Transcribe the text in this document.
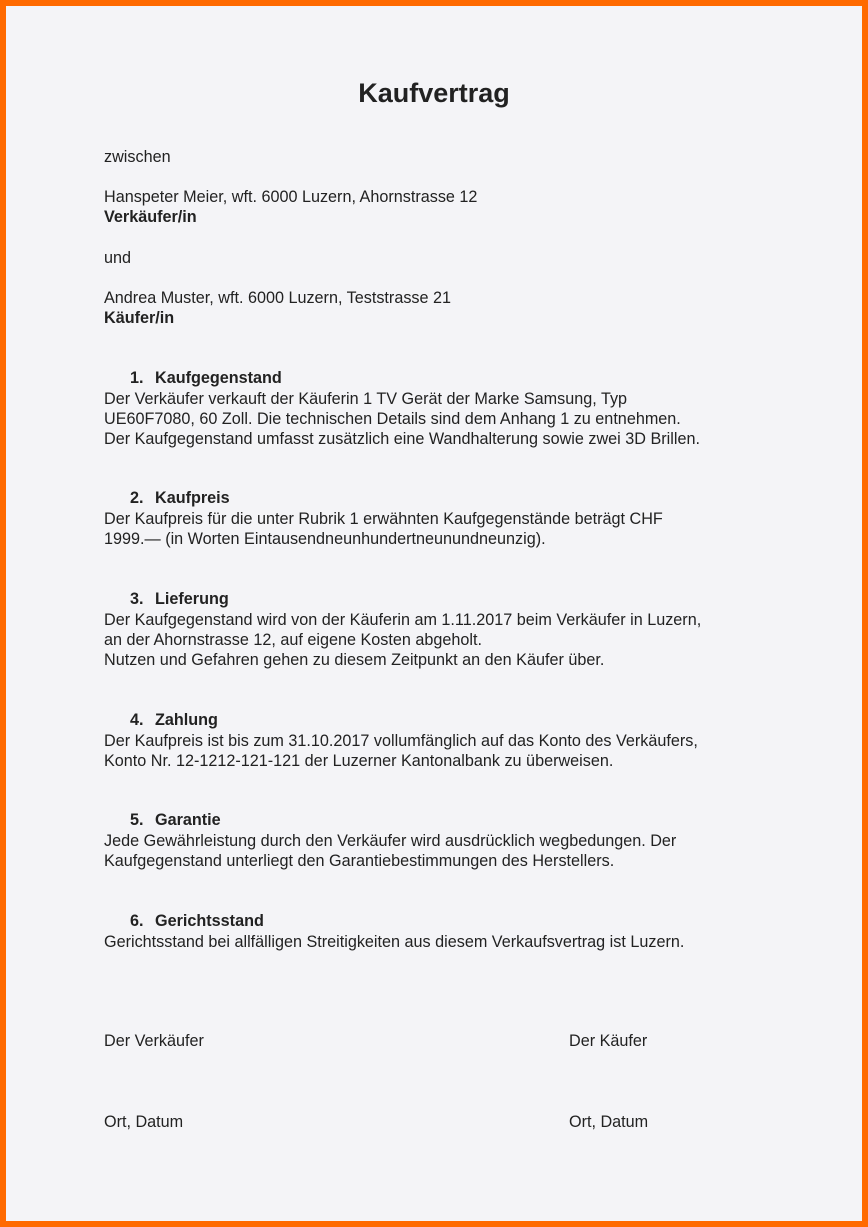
Kaufvertrag
zwischen
Hanspeter Meier, wft. 6000 Luzern, Ahornstrasse 12
Verkäufer/in
und
Andrea Muster, wft. 6000 Luzern, Teststrasse 21
Käufer/in
1. Kaufgegenstand
Der Verkäufer verkauft der Käuferin 1 TV Gerät der Marke Samsung, Typ
UE60F7080, 60 Zoll. Die technischen Details sind dem Anhang 1 zu entnehmen.
Der Kaufgegenstand umfasst zusätzlich eine Wandhalterung sowie zwei 3D Brillen.
2. Kaufpreis
Der Kaufpreis für die unter Rubrik 1 erwähnten Kaufgegenstände beträgt CHF
1999.— (in Worten Eintausendneunhundertneunundneunzig).
3. Lieferung
Der Kaufgegenstand wird von der Käuferin am 1.11.2017 beim Verkäufer in Luzern,
an der Ahornstrasse 12, auf eigene Kosten abgeholt.
Nutzen und Gefahren gehen zu diesem Zeitpunkt an den Käufer über.
4. Zahlung
Der Kaufpreis ist bis zum 31.10.2017 vollumfänglich auf das Konto des Verkäufers,
Konto Nr. 12-1212-121-121 der Luzerner Kantonalbank zu überweisen.
5. Garantie
Jede Gewährleistung durch den Verkäufer wird ausdrücklich wegbedungen. Der
Kaufgegenstand unterliegt den Garantiebestimmungen des Herstellers.
6. Gerichtsstand
Gerichtsstand bei allfälligen Streitigkeiten aus diesem Verkaufsvertrag ist Luzern.
Der Verkäufer	Der Käufer
Ort, Datum	Ort, Datum
